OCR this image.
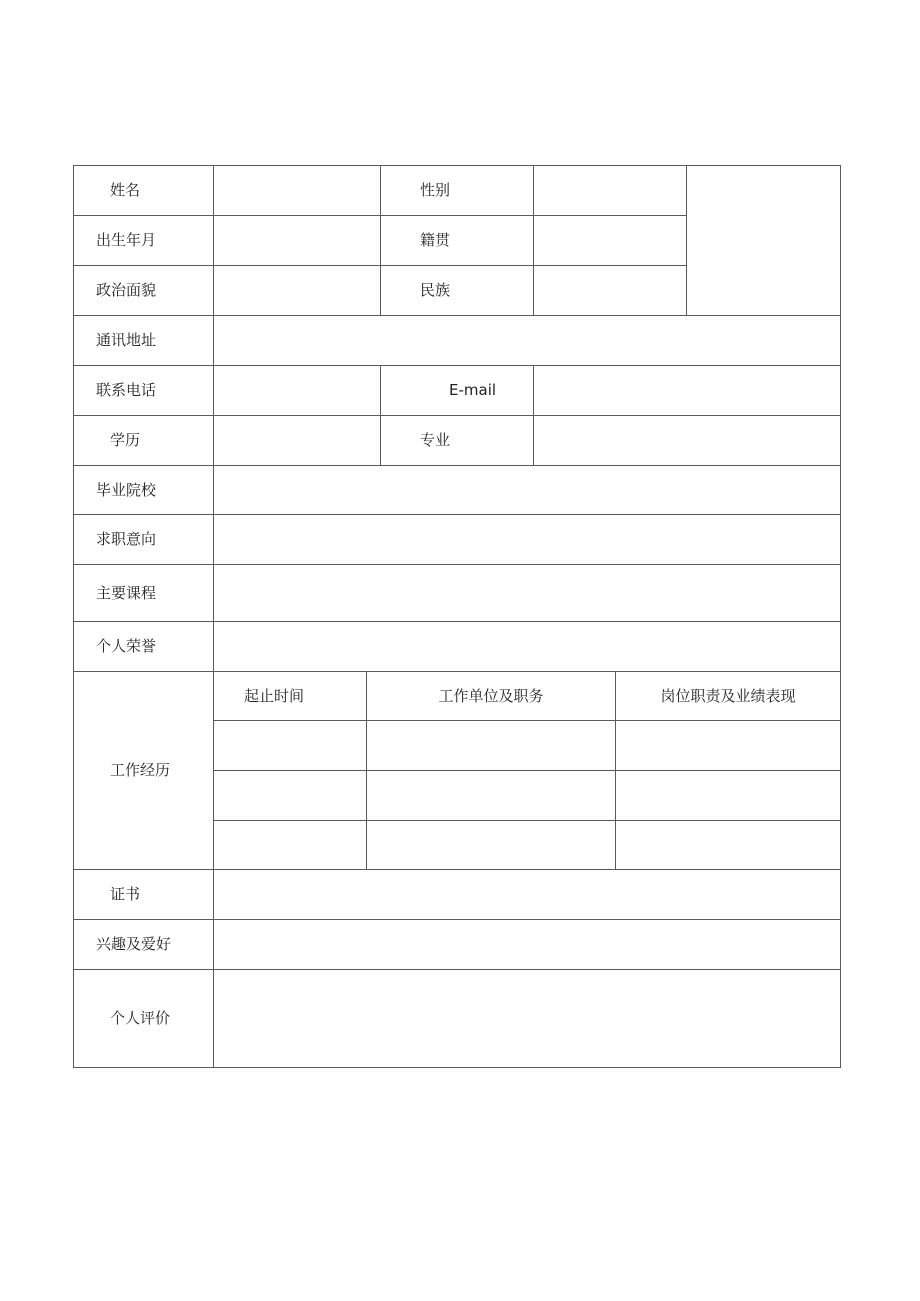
姓名			性别			
出生年月			籍贯			
政治面貌			民族			
通讯地址						
联系电话			E-mail			
学历			专业			
毕业院校						
求职意向						
主要课程						
个人荣誉						
工作经历	起止时间	工作单位及职务			岗位职责及业绩表现	

证书						
兴趣及爱好						
个人评价						
